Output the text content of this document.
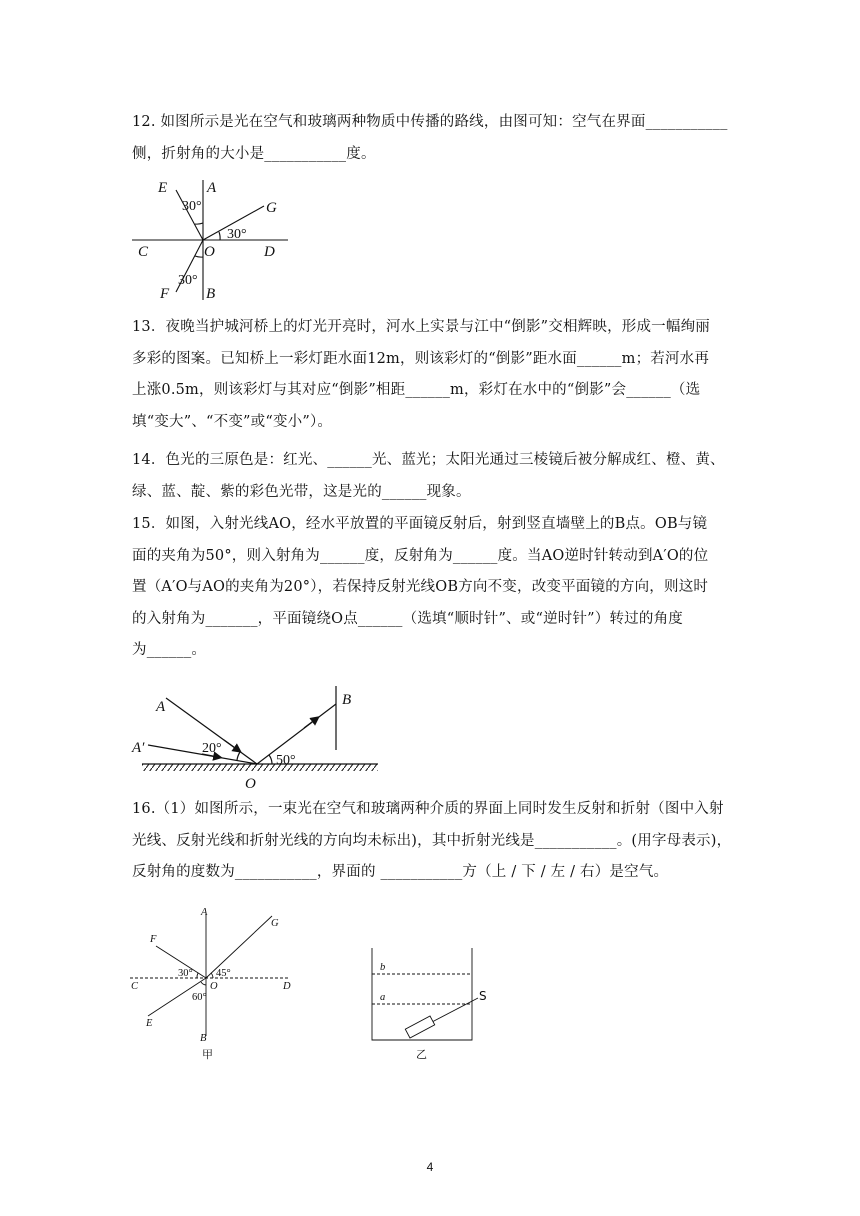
12. 如图所示是光在空气和玻璃两种物质中传播的路线，由图可知：空气在界面___________
侧，折射角的大小是___________度。
E	A
G
C	O	D
F B
30°
30°
30°
13．夜晚当护城河桥上的灯光开亮时，河水上实景与江中“倒影”交相辉映，形成一幅绚丽
多彩的图案。已知桥上一彩灯距水面12m，则该彩灯的“倒影”距水面______m；若河水再
上涨0.5m，则该彩灯与其对应“倒影”相距______m，彩灯在水中的“倒影”会______（选
填“变大”、“不变”或“变小”）。
14．色光的三原色是：红光、______光、蓝光；太阳光通过三棱镜后被分解成红、橙、黄、
绿、蓝、靛、紫的彩色光带，这是光的______现象。
15．如图，入射光线AO，经水平放置的平面镜反射后，射到竖直墙壁上的B点。OB与镜
面的夹角为50°，则入射角为______度，反射角为______度。当AO逆时针转动到A′O的位
置（A′O与AO的夹角为20°），若保持反射光线OB方向不变，改变平面镜的方向，则这时
的入射角为_______，平面镜绕O点______（选填“顺时针”、或“逆时针”）转过的角度
为______。
A
A′
B
O
20°
50°
16.（1）如图所示，一束光在空气和玻璃两种介质的界面上同时发生反射和折射（图中入射
光线、反射光线和折射光线的方向均未标出)，其中折射光线是___________。(用字母表示)，
反射角的度数为___________，界面的 ___________方（上 / 下 / 左 / 右）是空气。
A
G
F
C	O	D
E
B
30° 45°
60°
甲
b
a	S
乙
4
